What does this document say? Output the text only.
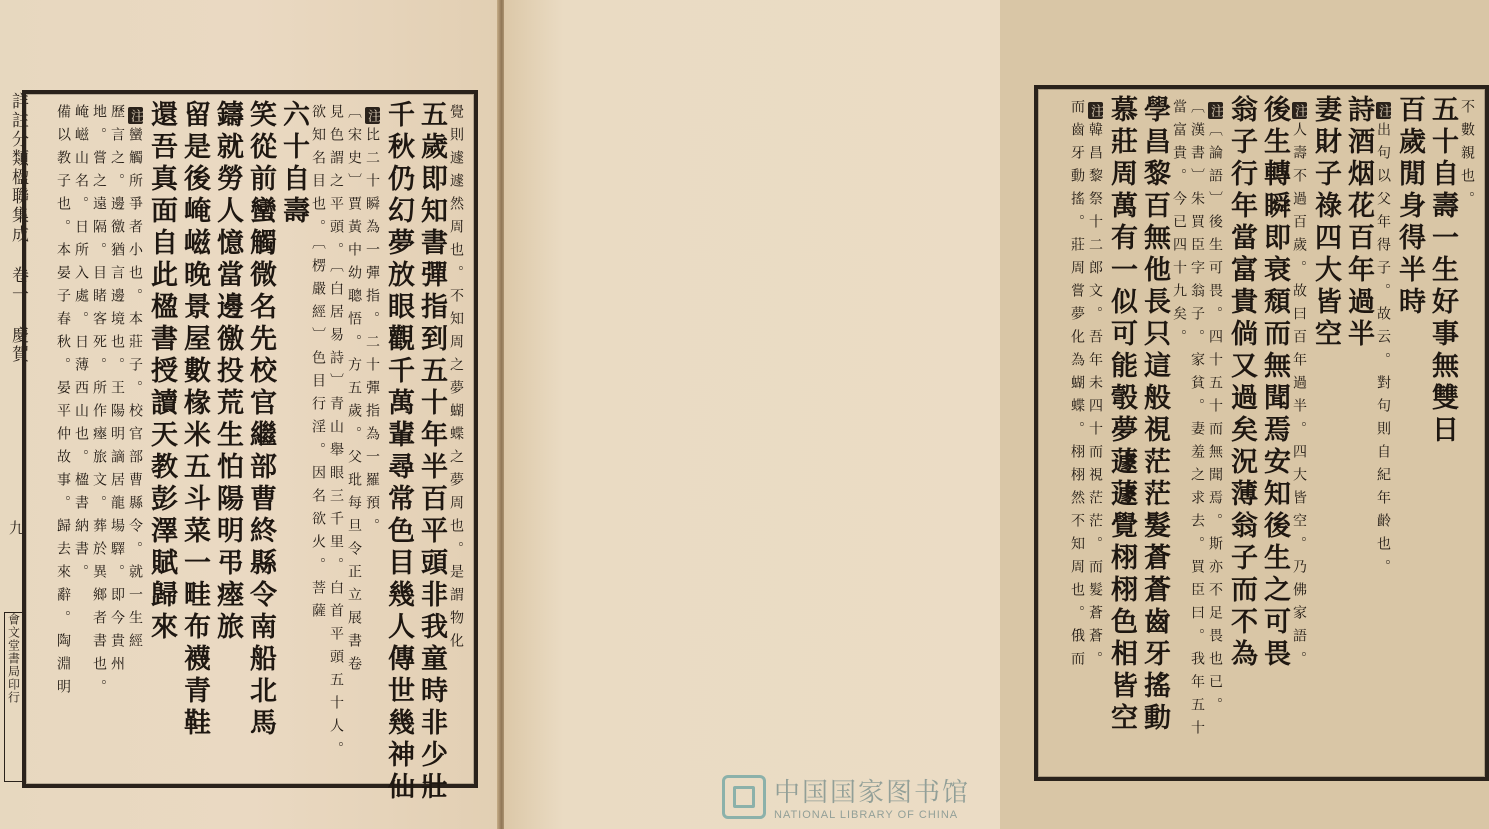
詳註分類楹聯集成 卷一 慶賀
九
會文堂書局印行
覺則遽遽然周也。不知周之夢蝴蝶之夢周也。是謂物化
五歲即知書彈指到五十年半百平頭非我童時非少壯
千秋仍幻夢放眼觀千萬輩尋常色目幾人傳世幾神仙
注比二十瞬為一彈指。二十彈指為一羅預。
〔宋史〕賈黃中幼聰悟。方五歲。父玭每旦令正立展書卷
見色謂之平頭。〔白居易詩〕青山舉眼三千里。白首平頭五十人。
欲知名目也。〔楞嚴經〕色目行淫。因名欲火。菩薩
六十自壽
笑從前蠻觸微名先校官繼部曹終縣令南船北馬
鑄就勞人憶當邊徼投荒生怕陽明弔瘞旅
留是後崦嵫晚景屋數椽米五斗菜一畦布襪青鞋
還吾真面自此楹書授讀天教彭澤賦歸來
注蠻觸所爭者小也。本莊子。校官部曹縣令。就一生經
歷言之。邊徼猶言邊境也。王陽明謫居龍場驛。即今貴州
地。嘗之遠隔。目睹客死。所作瘞旅文。葬於異鄉者書也。
崦嵫山名。日所入處。日薄西山也。楹書納書。
備以教子也。本晏子春秋。晏平仲故事。歸去來辭。陶淵明	不數親也。
五十自壽一生好事無雙日
百歲閒身得半時
注出句以父年得子。故云。對句則自紀年齡也。
詩酒烟花百年過半
妻財子祿四大皆空
注人壽不過百歲。故曰百年過半。四大皆空。乃佛家語。
後生轉瞬即衰頹而無聞焉安知後生之可畏
翁子行年當富貴倘又過矣況薄翁子而不為
注〔論語〕後生可畏。四十五十而無聞焉。斯亦不足畏也已。
〔漢書〕朱買臣字翁子。家貧。妻羞之求去。買臣曰。我年五十
當富貴。今已四十九矣。
學昌黎百無他長只這般視茫茫髮蒼蒼齒牙搖動
慕莊周萬有一似可能彀夢蘧蘧覺栩栩色相皆空
注韓昌黎祭十二郎文。吾年未四十而視茫茫。而髮蒼蒼。
而齒牙動搖。莊周嘗夢化為蝴蝶。栩栩然不知周也。俄而
中国国家图书馆
NATIONAL LIBRARY OF CHINA
